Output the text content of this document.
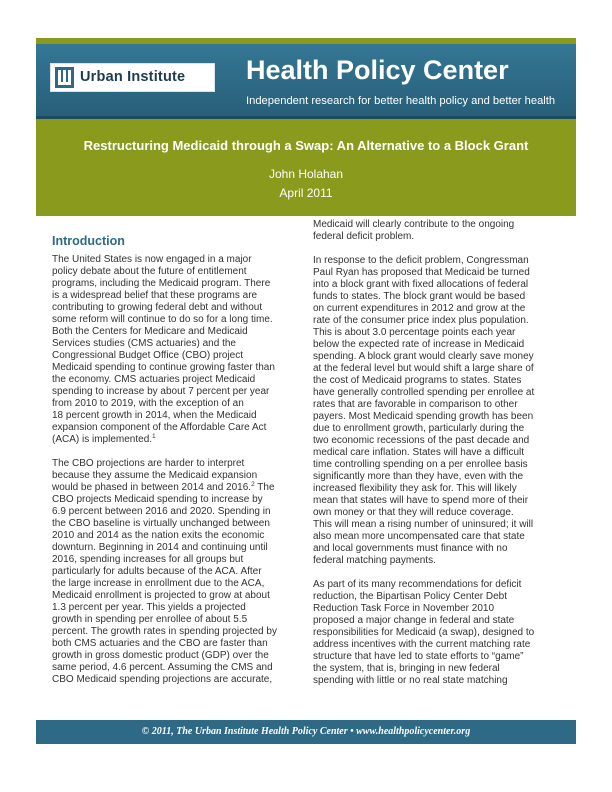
Urban Institute Health Policy Center
Independent research for better health policy and better health
Restructuring Medicaid through a Swap: An Alternative to a Block Grant
John Holahan
April 2011
Introduction

The United States is now engaged in a major
policy debate about the future of entitlement
programs, including the Medicaid program. There
is a widespread belief that these programs are
contributing to growing federal debt and without
some reform will continue to do so for a long time.
Both the Centers for Medicare and Medicaid
Services studies (CMS actuaries) and the
Congressional Budget Office (CBO) project
Medicaid spending to continue growing faster than
the economy. CMS actuaries project Medicaid
spending to increase by about 7 percent per year
from 2010 to 2019, with the exception of an
18 percent growth in 2014, when the Medicaid
expansion component of the Affordable Care Act
(ACA) is implemented.$^1$

The CBO projections are harder to interpret
because they assume the Medicaid expansion
would be phased in between 2014 and 2016.$^2$ The
CBO projects Medicaid spending to increase by
6.9 percent between 2016 and 2020. Spending in
the CBO baseline is virtually unchanged between
2010 and 2014 as the nation exits the economic
downturn. Beginning in 2014 and continuing until
2016, spending increases for all groups but
particularly for adults because of the ACA. After
the large increase in enrollment due to the ACA,
Medicaid enrollment is projected to grow at about
1.3 percent per year. This yields a projected
growth in spending per enrollee of about 5.5
percent. The growth rates in spending projected by
both CMS actuaries and the CBO are faster than
growth in gross domestic product (GDP) over the
same period, 4.6 percent. Assuming the CMS and
CBO Medicaid spending projections are accurate,

Medicaid will clearly contribute to the ongoing
federal deficit problem.

In response to the deficit problem, Congressman
Paul Ryan has proposed that Medicaid be turned
into a block grant with fixed allocations of federal
funds to states. The block grant would be based
on current expenditures in 2012 and grow at the
rate of the consumer price index plus population.
This is about 3.0 percentage points each year
below the expected rate of increase in Medicaid
spending. A block grant would clearly save money
at the federal level but would shift a large share of
the cost of Medicaid programs to states. States
have generally controlled spending per enrollee at
rates that are favorable in comparison to other
payers. Most Medicaid spending growth has been
due to enrollment growth, particularly during the
two economic recessions of the past decade and
medical care inflation. States will have a difficult
time controlling spending on a per enrollee basis
significantly more than they have, even with the
increased flexibility they ask for. This will likely
mean that states will have to spend more of their
own money or that they will reduce coverage.
This will mean a rising number of uninsured; it will
also mean more uncompensated care that state
and local governments must finance with no
federal matching payments.

As part of its many recommendations for deficit
reduction, the Bipartisan Policy Center Debt
Reduction Task Force in November 2010
proposed a major change in federal and state
responsibilities for Medicaid (a swap), designed to
address incentives with the current matching rate
structure that have led to state efforts to “game”
the system, that is, bringing in new federal
spending with little or no real state matching

© 2011, The Urban Institute Health Policy Center • www.healthpolicycenter.org
